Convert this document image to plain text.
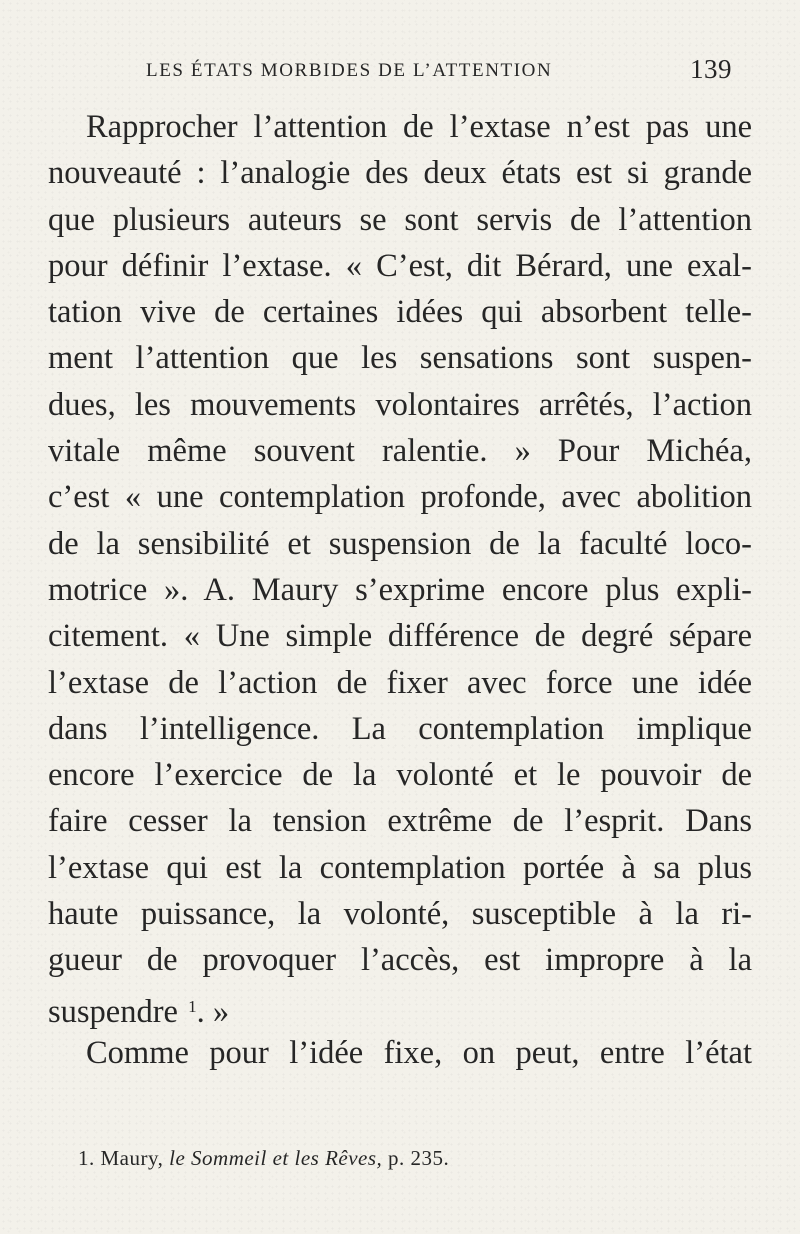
LES ÉTATS MORBIDES DE L’ATTENTION	139
Rapprocher l’attention de l’extase n’est pas une
nouveauté : l’analogie des deux états est si grande
que plusieurs auteurs se sont servis de l’attention
pour définir l’extase. « C’est, dit Bérard, une exal-
tation vive de certaines idées qui absorbent telle-
ment l’attention que les sensations sont suspen-
dues, les mouvements volontaires arrêtés, l’action
vitale même souvent ralentie. » Pour Michéa,
c’est « une contemplation profonde, avec abolition
de la sensibilité et suspension de la faculté loco-
motrice ». A. Maury s’exprime encore plus expli-
citement. « Une simple différence de degré sépare
l’extase de l’action de fixer avec force une idée
dans l’intelligence. La contemplation implique
encore l’exercice de la volonté et le pouvoir de
faire cesser la tension extrême de l’esprit. Dans
l’extase qui est la contemplation portée à sa plus
haute puissance, la volonté, susceptible à la ri-
gueur de provoquer l’accès, est impropre à la
suspendre $^1$. »
Comme pour l’idée fixe, on peut, entre l’état
1. Maury, le Sommeil et les Rêves, p. 235.
